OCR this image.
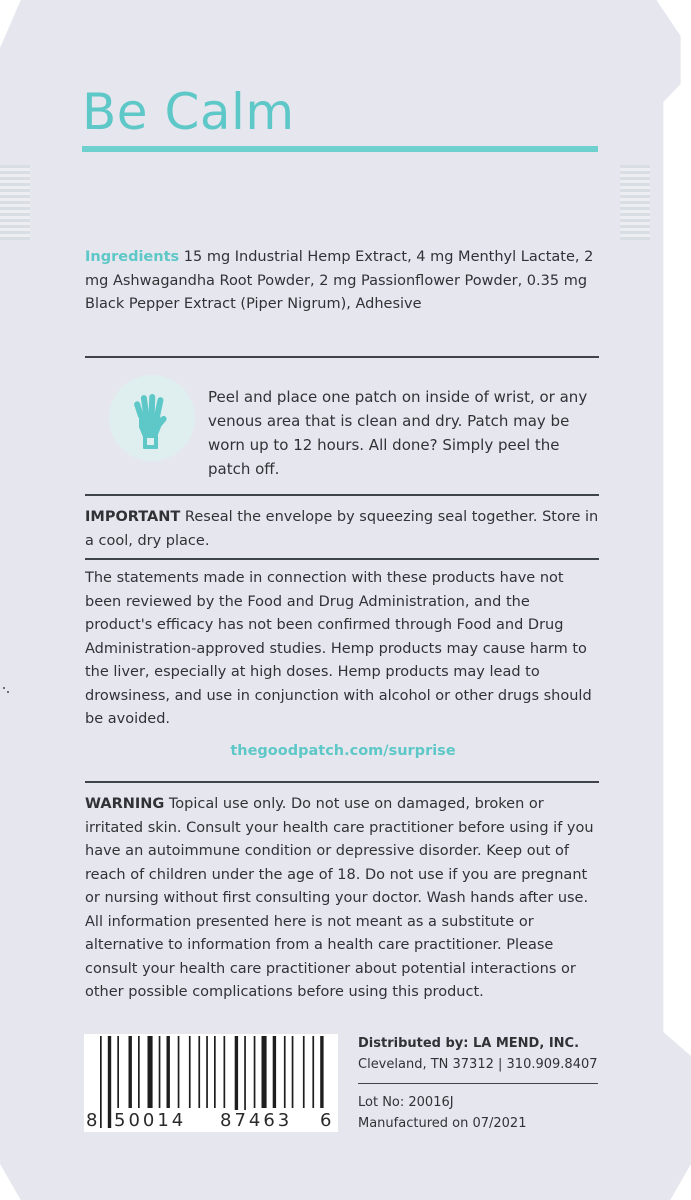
Be Calm
Ingredients 15 mg Industrial Hemp Extract, 4 mg Menthyl Lactate, 2 mg Ashwagandha Root Powder, 2 mg Passionflower Powder, 0.35 mg Black Pepper Extract (Piper Nigrum), Adhesive
Peel and place one patch on inside of wrist, or any venous area that is clean and dry. Patch may be worn up to 12 hours. All done? Simply peel the patch off.
IMPORTANT Reseal the envelope by squeezing seal together. Store in a cool, dry place.
The statements made in connection with these products have not been reviewed by the Food and Drug Administration, and the product's efficacy has not been confirmed through Food and Drug Administration-approved studies. Hemp products may cause harm to the liver, especially at high doses. Hemp products may lead to drowsiness, and use in conjunction with alcohol or other drugs should be avoided.
thegoodpatch.com/surprise
WARNING Topical use only. Do not use on damaged, broken or irritated skin. Consult your health care practitioner before using if you have an autoimmune condition or depressive disorder. Keep out of reach of children under the age of 18. Do not use if you are pregnant or nursing without first consulting your doctor. Wash hands after use. All information presented here is not meant as a substitute or alternative to information from a health care practitioner. Please consult your health care practitioner about potential interactions or other possible complications before using this product.
8 50014 87463 6
Distributed by: LA MEND, INC.
Cleveland, TN 37312 | 310.909.8407
Lot No: 20016J
Manufactured on 07/2021
